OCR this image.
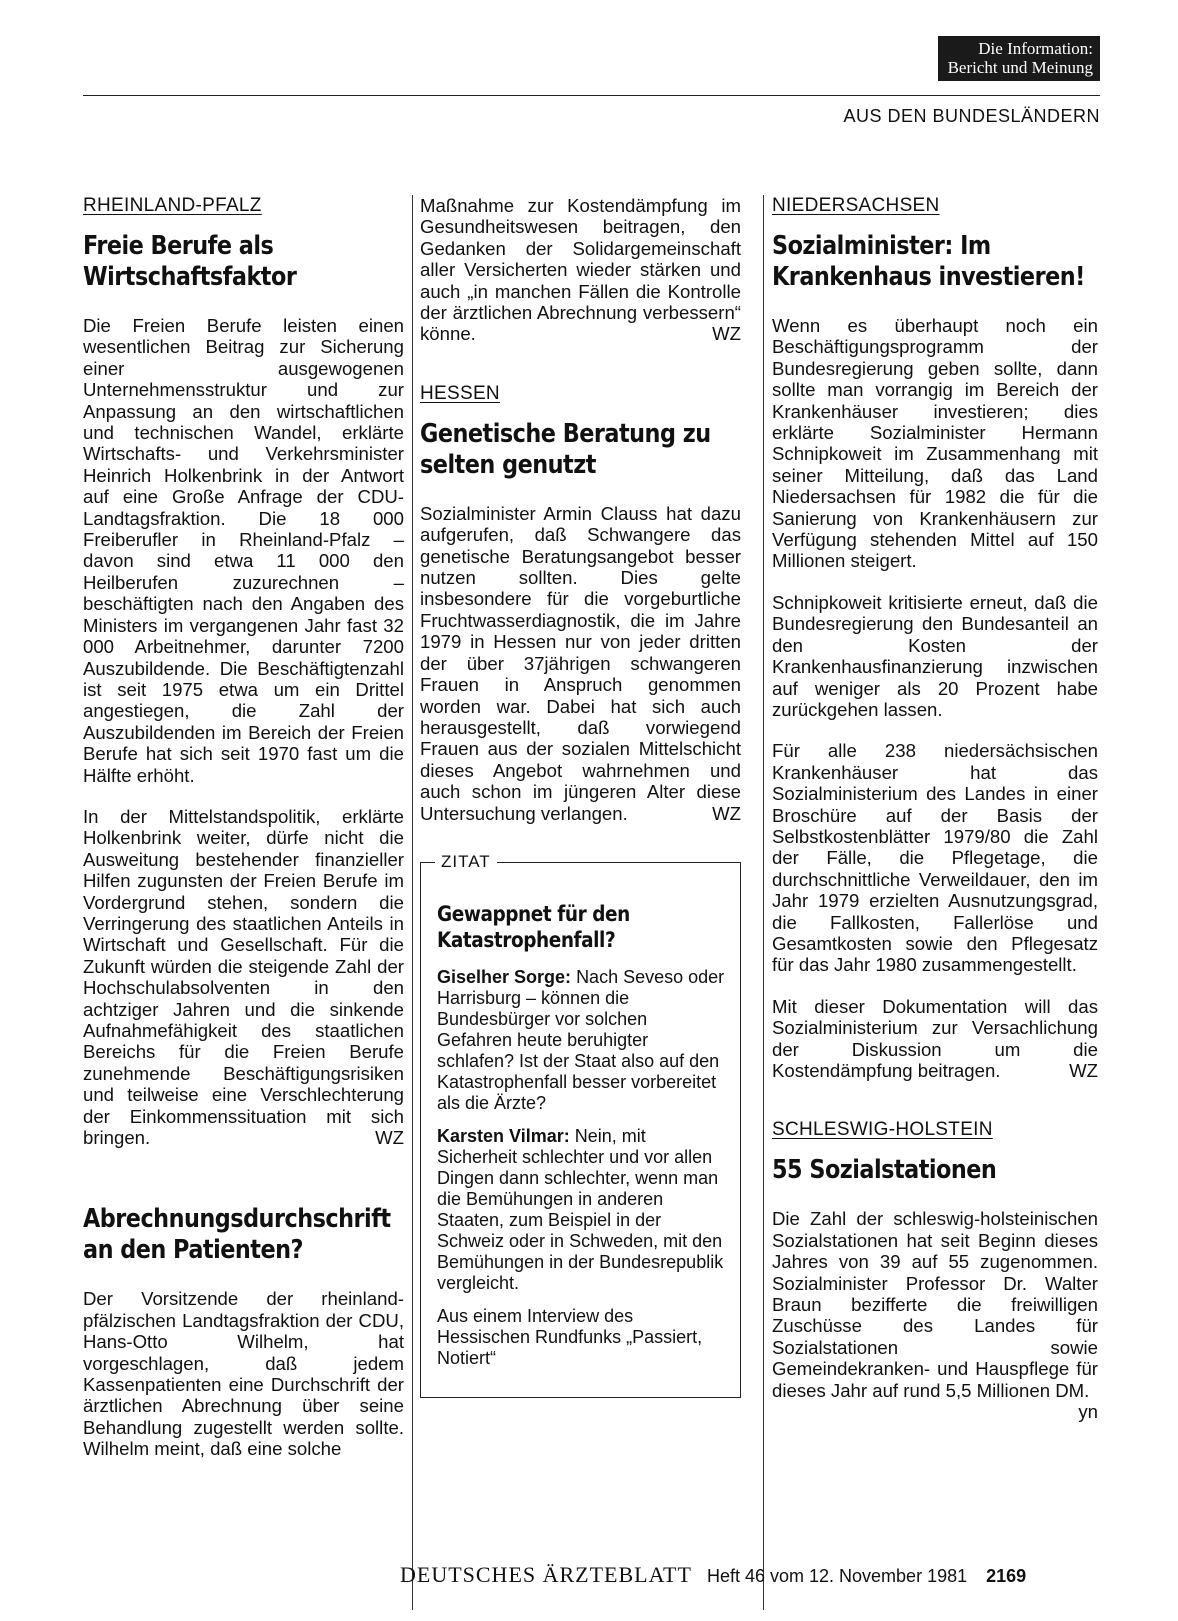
Die Information:
Bericht und Meinung
AUS DEN BUNDESLÄNDERN
RHEINLAND-PFALZ
Freie Berufe als Wirtschaftsfaktor

Die Freien Berufe leisten einen wesentlichen Beitrag zur Sicherung einer ausgewogenen Unternehmensstruktur und zur Anpassung an den wirtschaftlichen und technischen Wandel, erklärte Wirtschafts- und Verkehrsminister Heinrich Holkenbrink in der Antwort auf eine Große Anfrage der CDU-Landtagsfraktion. Die 18 000 Freiberufler in Rheinland-Pfalz – davon sind etwa 11 000 den Heilberufen zuzurechnen – beschäftigten nach den Angaben des Ministers im vergangenen Jahr fast 32 000 Arbeitnehmer, darunter 7200 Auszubildende. Die Beschäftigtenzahl ist seit 1975 etwa um ein Drittel angestiegen, die Zahl der Auszubildenden im Bereich der Freien Berufe hat sich seit 1970 fast um die Hälfte erhöht.

In der Mittelstandspolitik, erklärte Holkenbrink weiter, dürfe nicht die Ausweitung bestehender finanzieller Hilfen zugunsten der Freien Berufe im Vordergrund stehen, sondern die Verringerung des staatlichen Anteils in Wirtschaft und Gesellschaft. Für die Zukunft würden die steigende Zahl der Hochschulabsolventen in den achtziger Jahren und die sinkende Aufnahmefähigkeit des staatlichen Bereichs für die Freien Berufe zunehmende Beschäftigungsrisiken und teilweise eine Verschlechterung der Einkommenssituation mit sich bringen.	WZ

Abrechnungsdurchschrift an den Patienten?

Der Vorsitzende der rheinland-pfälzischen Landtagsfraktion der CDU, Hans-Otto Wilhelm, hat vorgeschlagen, daß jedem Kassenpatienten eine Durchschrift der ärztlichen Abrechnung über seine Behandlung zugestellt werden sollte. Wilhelm meint, daß eine solche

Maßnahme zur Kostendämpfung im Gesundheitswesen beitragen, den Gedanken der Solidargemeinschaft aller Versicherten wieder stärken und auch „in manchen Fällen die Kontrolle der ärztlichen Abrechnung verbessern“ könne.	WZ

HESSEN
Genetische Beratung zu selten genutzt

Sozialminister Armin Clauss hat dazu aufgerufen, daß Schwangere das genetische Beratungsangebot besser nutzen sollten. Dies gelte insbesondere für die vorgeburtliche Fruchtwasserdiagnostik, die im Jahre 1979 in Hessen nur von jeder dritten der über 37jährigen schwangeren Frauen in Anspruch genommen worden war. Dabei hat sich auch herausgestellt, daß vorwiegend Frauen aus der sozialen Mittelschicht dieses Angebot wahrnehmen und auch schon im jüngeren Alter diese Untersuchung verlangen.	WZ

ZITAT
Gewappnet für den Katastrophenfall?

Giselher Sorge: Nach Seveso oder Harrisburg – können die Bundesbürger vor solchen Gefahren heute beruhigter schlafen? Ist der Staat also auf den Katastrophenfall besser vorbereitet als die Ärzte?

Karsten Vilmar: Nein, mit Sicherheit schlechter und vor allen Dingen dann schlechter, wenn man die Bemühungen in anderen Staaten, zum Beispiel in der Schweiz oder in Schweden, mit den Bemühungen in der Bundesrepublik vergleicht.

Aus einem Interview des Hessischen Rundfunks „Passiert, Notiert“

NIEDERSACHSEN
Sozialminister: Im Krankenhaus investieren!

Wenn es überhaupt noch ein Beschäftigungsprogramm der Bundesregierung geben sollte, dann sollte man vorrangig im Bereich der Krankenhäuser investieren; dies erklärte Sozialminister Hermann Schnipkoweit im Zusammenhang mit seiner Mitteilung, daß das Land Niedersachsen für 1982 die für die Sanierung von Krankenhäusern zur Verfügung stehenden Mittel auf 150 Millionen steigert.

Schnipkoweit kritisierte erneut, daß die Bundesregierung den Bundesanteil an den Kosten der Krankenhausfinanzierung inzwischen auf weniger als 20 Prozent habe zurückgehen lassen.

Für alle 238 niedersächsischen Krankenhäuser hat das Sozialministerium des Landes in einer Broschüre auf der Basis der Selbstkostenblätter 1979/80 die Zahl der Fälle, die Pflegetage, die durchschnittliche Verweildauer, den im Jahr 1979 erzielten Ausnutzungsgrad, die Fallkosten, Fallerlöse und Gesamtkosten sowie den Pflegesatz für das Jahr 1980 zusammengestellt.

Mit dieser Dokumentation will das Sozialministerium zur Versachlichung der Diskussion um die Kostendämpfung beitragen.	WZ

SCHLESWIG-HOLSTEIN
55 Sozialstationen

Die Zahl der schleswig-holsteinischen Sozialstationen hat seit Beginn dieses Jahres von 39 auf 55 zugenommen. Sozialminister Professor Dr. Walter Braun bezifferte die freiwilligen Zuschüsse des Landes für Sozialstationen sowie Gemeindekranken- und Hauspflege für dieses Jahr auf rund 5,5 Millionen DM.
yn

DEUTSCHES ÄRZTEBLATT Heft 46 vom 12. November 1981 2169
